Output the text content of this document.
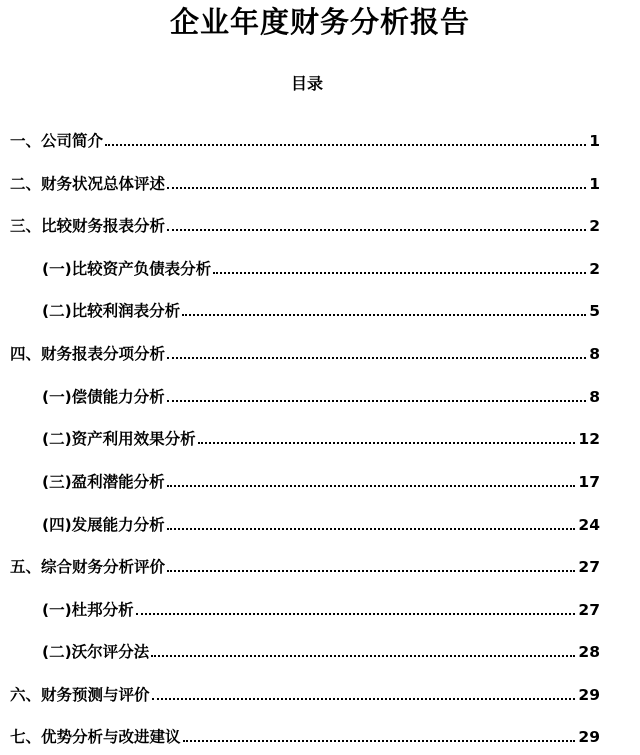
企业年度财务分析报告
目录
一、公司简介	1
二、财务状况总体评述	1
三、比较财务报表分析	2
(一)比较资产负债表分析	2
(二)比较利润表分析	5
四、财务报表分项分析	8
(一)偿债能力分析	8
(二)资产利用效果分析	12
(三)盈利潜能分析	17
(四)发展能力分析	24
五、综合财务分析评价	27
(一)杜邦分析	27
(二)沃尔评分法	28
六、财务预测与评价	29
七、优势分析与改进建议	29
